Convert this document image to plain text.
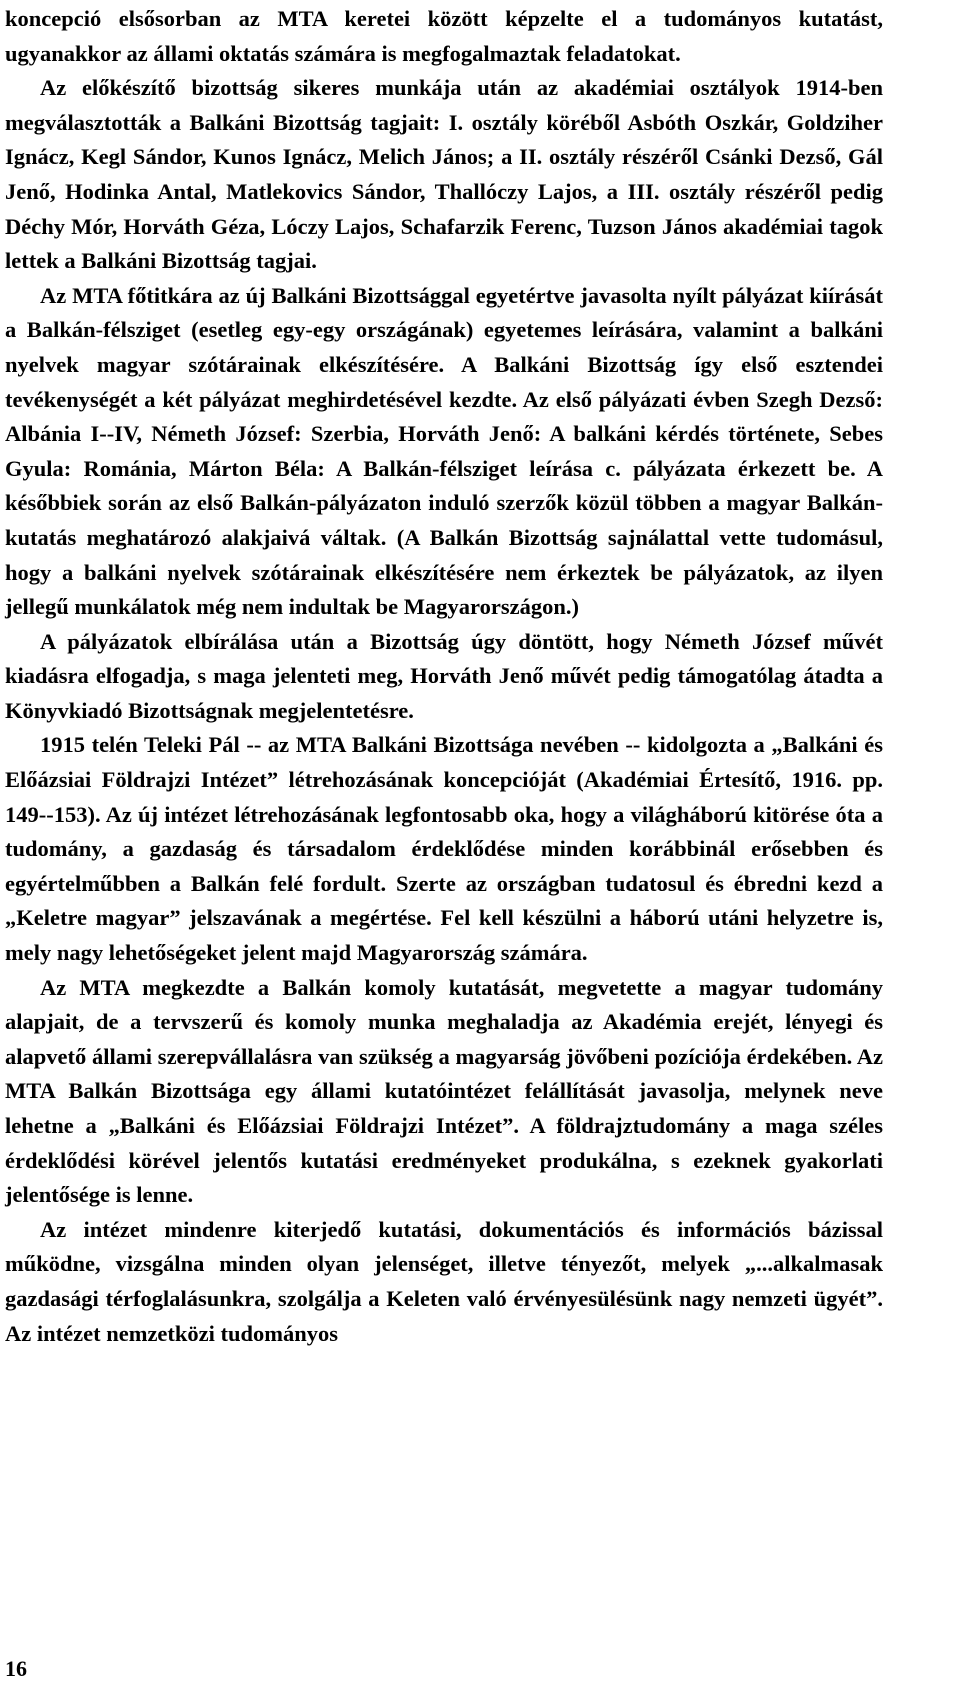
koncepció elsősorban az MTA keretei között képzelte el a tudományos kutatást, ugyanakkor az állami oktatás számára is megfogalmaztak feladatokat.

Az előkészítő bizottság sikeres munkája után az akadémiai osztályok 1914-ben megválasztották a Balkáni Bizottság tagjait: I. osztály köréből Asbóth Oszkár, Goldziher Ignácz, Kegl Sándor, Kunos Ignácz, Melich János; a II. osztály részéről Csánki Dezső, Gál Jenő, Hodinka Antal, Matlekovics Sándor, Thallóczy Lajos, a III. osztály részéről pedig Déchy Mór, Horváth Géza, Lóczy Lajos, Schafarzik Ferenc, Tuzson János akadémiai tagok lettek a Balkáni Bizottság tagjai.

Az MTA főtitkára az új Balkáni Bizottsággal egyetértve javasolta nyílt pályázat kiírását a Balkán-félsziget (esetleg egy-egy országának) egyetemes leírására, valamint a balkáni nyelvek magyar szótárainak elkészítésére. A Balkáni Bizottság így első esztendei tevékenységét a két pályázat meghirdetésével kezdte. Az első pályázati évben Szegh Dezső: Albánia I--IV, Németh József: Szerbia, Horváth Jenő: A balkáni kérdés története, Sebes Gyula: Románia, Márton Béla: A Balkán-félsziget leírása c. pályázata érkezett be. A későbbiek során az első Balkán-pályázaton induló szerzők közül többen a magyar Balkán-kutatás meghatározó alakjaivá váltak. (A Balkán Bizottság sajnálattal vette tudomásul, hogy a balkáni nyelvek szótárainak elkészítésére nem érkeztek be pályázatok, az ilyen jellegű munkálatok még nem indultak be Magyarországon.)

A pályázatok elbírálása után a Bizottság úgy döntött, hogy Németh József művét kiadásra elfogadja, s maga jelenteti meg, Horváth Jenő művét pedig támogatólag átadta a Könyvkiadó Bizottságnak megjelentetésre.

1915 telén Teleki Pál -- az MTA Balkáni Bizottsága nevében -- kidolgozta a „Balkáni és Előázsiai Földrajzi Intézet” létrehozásának koncepcióját (Akadémiai Értesítő, 1916. pp. 149--153). Az új intézet létrehozásának legfontosabb oka, hogy a világháború kitörése óta a tudomány, a gazdaság és társadalom érdeklődése minden korábbinál erősebben és egyértelműbben a Balkán felé fordult. Szerte az országban tudatosul és ébredni kezd a „Keletre magyar” jelszavának a megértése. Fel kell készülni a háború utáni helyzetre is, mely nagy lehetőségeket jelent majd Magyarország számára.

Az MTA megkezdte a Balkán komoly kutatását, megvetette a magyar tudomány alapjait, de a tervszerű és komoly munka meghaladja az Akadémia erejét, lényegi és alapvető állami szerepvállalásra van szükség a magyarság jövőbeni pozíciója érdekében. Az MTA Balkán Bizottsága egy állami kutatóintézet felállítását javasolja, melynek neve lehetne a „Balkáni és Előázsiai Földrajzi Intézet”. A földrajztudomány a maga széles érdeklődési körével jelentős kutatási eredményeket produkálna, s ezeknek gyakorlati jelentősége is lenne.

Az intézet mindenre kiterjedő kutatási, dokumentációs és információs bázissal működne, vizsgálna minden olyan jelenséget, illetve tényezőt, melyek „...alkalmasak gazdasági térfoglalásunkra, szolgálja a Keleten való érvényesülésünk nagy nemzeti ügyét”. Az intézet nemzetközi tudományos

16
